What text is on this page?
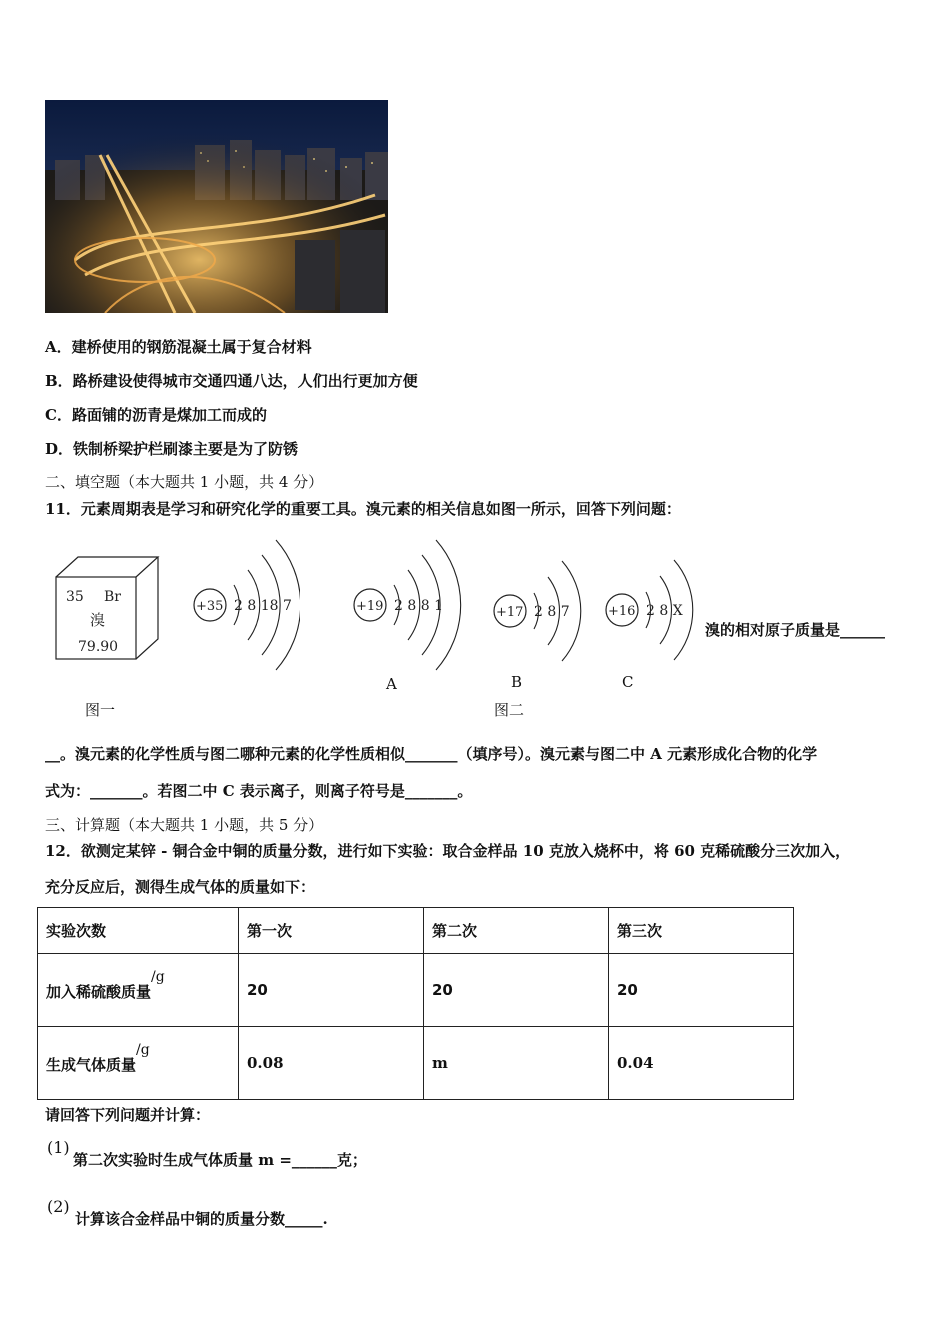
A．建桥使用的钢筋混凝土属于复合材料
B．路桥建设使得城市交通四通八达，人们出行更加方便
C．路面铺的沥青是煤加工而成的
D．铁制桥梁护栏刷漆主要是为了防锈
二、填空题（本大题共 1 小题，共 4 分）
11．元素周期表是学习和研究化学的重要工具。溴元素的相关信息如图一所示，回答下列问题：
35 Br
溴
79.90
+35 2 8 18 7	+19 2 8 8 1
A
+17 2 8 7
B
+16 2 8 X
C
溴的相对原子质量是______
图一	图二
__。溴元素的化学性质与图二哪种元素的化学性质相似_______（填序号）。溴元素与图二中 A 元素形成化合物的化学
式为：_______。若图二中 C 表示离子，则离子符号是_______。
三、计算题（本大题共 1 小题，共 5 分）
12．欲测定某锌 - 铜合金中铜的质量分数，进行如下实验：取合金样品 10 克放入烧杯中，将 60 克稀硫酸分三次加入，
充分反应后，测得生成气体的质量如下：
实验次数	第一次	第二次	第三次
加入稀硫酸质量$^{/g}$	20	20	20
生成气体质量$^{/g}$	0.08	m	0.04
请回答下列问题并计算：
(1)
第二次实验时生成气体质量 m =______克；
(2)
计算该合金样品中铜的质量分数_____.
